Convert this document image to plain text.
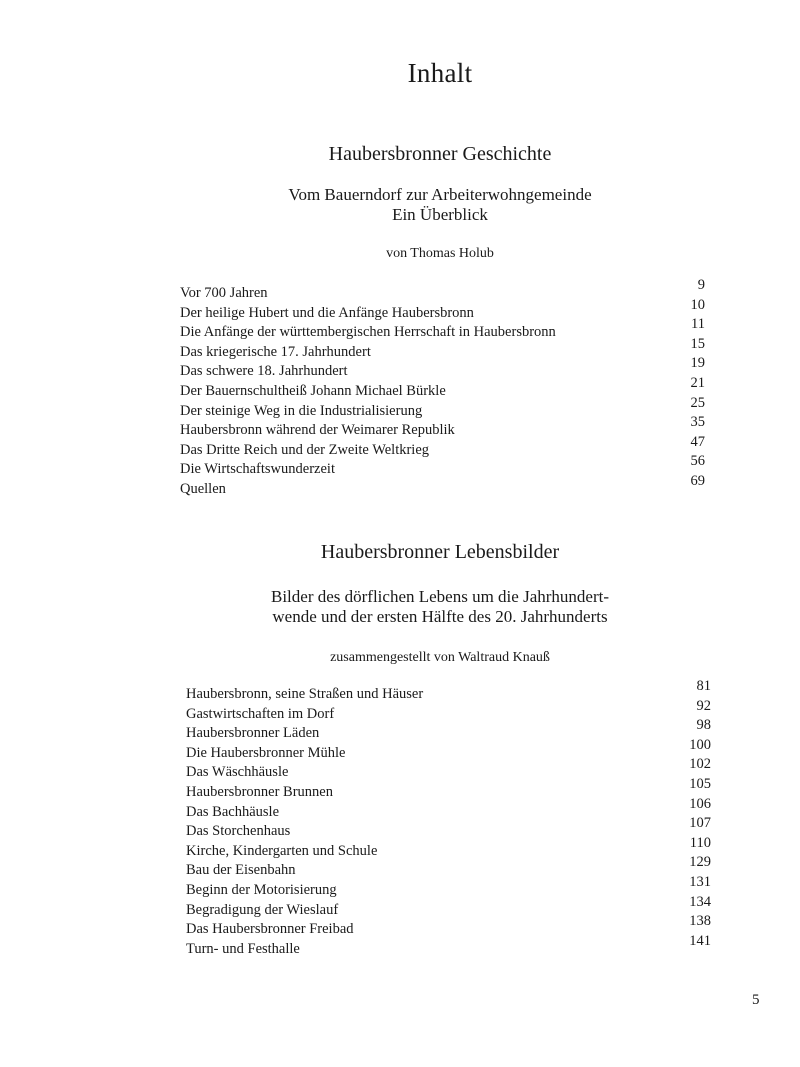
Inhalt
Haubersbronner Geschichte
Vom Bauerndorf zur Arbeiterwohngemeinde
Ein Überblick
von Thomas Holub
Vor 700 Jahren	9
Der heilige Hubert und die Anfänge Haubersbronn	10
Die Anfänge der württembergischen Herrschaft in Haubersbronn	11
Das kriegerische 17. Jahrhundert	15
Das schwere 18. Jahrhundert	19
Der Bauernschultheiß Johann Michael Bürkle	21
Der steinige Weg in die Industrialisierung	25
Haubersbronn während der Weimarer Republik	35
Das Dritte Reich und der Zweite Weltkrieg	47
Die Wirtschaftswunderzeit	56
Quellen	69
Haubersbronner Lebensbilder
Bilder des dörflichen Lebens um die Jahrhundert-
wende und der ersten Hälfte des 20. Jahrhunderts
zusammengestellt von Waltraud Knauß
Haubersbronn, seine Straßen und Häuser	81
Gastwirtschaften im Dorf	92
Haubersbronner Läden	98
Die Haubersbronner Mühle	100
Das Wäschhäusle	102
Haubersbronner Brunnen	105
Das Bachhäusle	106
Das Storchenhaus	107
Kirche, Kindergarten und Schule	110
Bau der Eisenbahn	129
Beginn der Motorisierung	131
Begradigung der Wieslauf	134
Das Haubersbronner Freibad	138
Turn- und Festhalle	141
5
